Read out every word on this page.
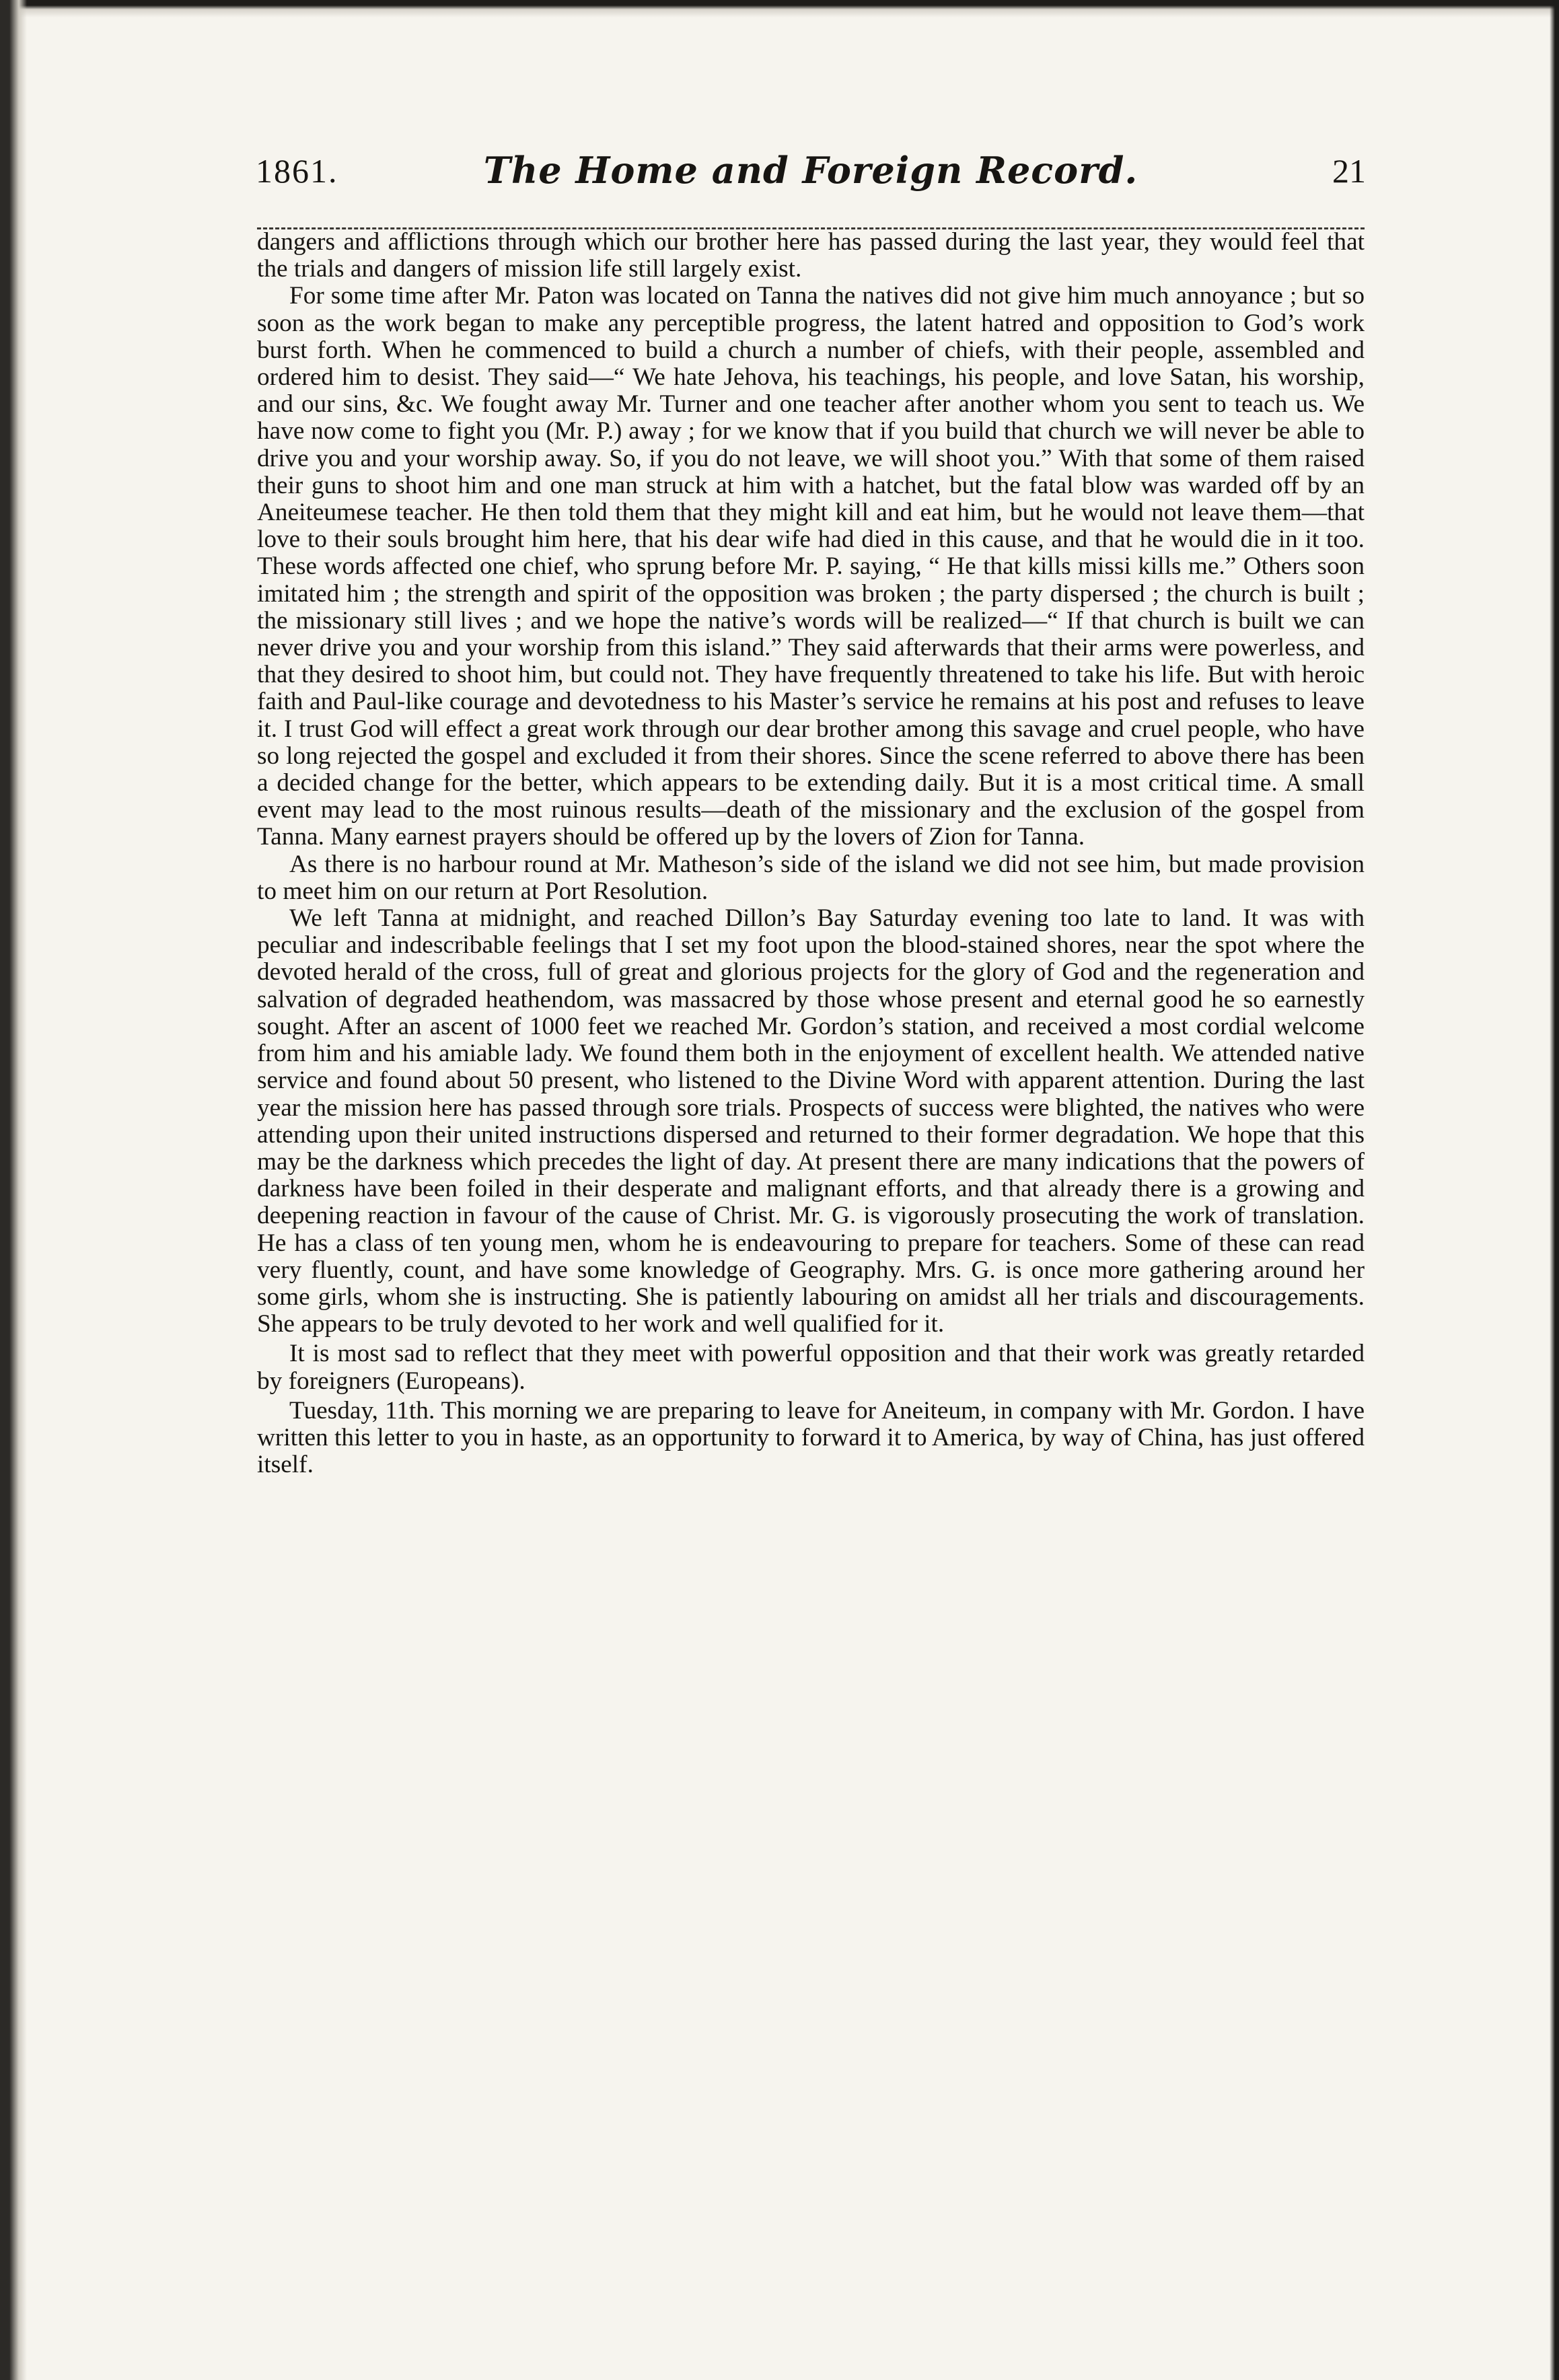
1861.	The Home and Foreign Record.	21

dangers and afflictions through which our brother here has passed during the last year, they would feel that the trials and dangers of mission life still largely exist.

For some time after Mr. Paton was located on Tanna the natives did not give him much annoyance ; but so soon as the work began to make any perceptible progress, the latent hatred and opposition to God’s work burst forth. When he commenced to build a church a number of chiefs, with their people, assembled and ordered him to desist. They said—“ We hate Jehova, his teachings, his people, and love Satan, his worship, and our sins, &c. We fought away Mr. Turner and one teacher after another whom you sent to teach us. We have now come to fight you (Mr. P.) away ; for we know that if you build that church we will never be able to drive you and your worship away. So, if you do not leave, we will shoot you.” With that some of them raised their guns to shoot him and one man struck at him with a hatchet, but the fatal blow was warded off by an Aneiteumese teacher. He then told them that they might kill and eat him, but he would not leave them—that love to their souls brought him here, that his dear wife had died in this cause, and that he would die in it too. These words affected one chief, who sprung before Mr. P. saying, “ He that kills missi kills me.” Others soon imitated him ; the strength and spirit of the opposition was broken ; the party dispersed ; the church is built ; the missionary still lives ; and we hope the native’s words will be realized—“ If that church is built we can never drive you and your worship from this island.” They said afterwards that their arms were powerless, and that they desired to shoot him, but could not. They have frequently threatened to take his life. But with heroic faith and Paul-like courage and devotedness to his Master’s service he remains at his post and refuses to leave it. I trust God will effect a great work through our dear brother among this savage and cruel people, who have so long rejected the gospel and excluded it from their shores. Since the scene referred to above there has been a decided change for the better, which appears to be extending daily. But it is a most critical time. A small event may lead to the most ruinous results—death of the missionary and the exclusion of the gospel from Tanna. Many earnest prayers should be offered up by the lovers of Zion for Tanna.

As there is no harbour round at Mr. Matheson’s side of the island we did not see him, but made provision to meet him on our return at Port Resolution.

We left Tanna at midnight, and reached Dillon’s Bay Saturday evening too late to land. It was with peculiar and indescribable feelings that I set my foot upon the blood-stained shores, near the spot where the devoted herald of the cross, full of great and glorious projects for the glory of God and the regeneration and salvation of degraded heathendom, was massacred by those whose present and eternal good he so earnestly sought. After an ascent of 1000 feet we reached Mr. Gordon’s station, and received a most cordial welcome from him and his amiable lady. We found them both in the enjoyment of excellent health. We attended native service and found about 50 present, who listened to the Divine Word with apparent attention. During the last year the mission here has passed through sore trials. Prospects of success were blighted, the natives who were attending upon their united instructions dispersed and returned to their former degradation. We hope that this may be the darkness which precedes the light of day. At present there are many indications that the powers of darkness have been foiled in their desperate and malignant efforts, and that already there is a growing and deepening reaction in favour of the cause of Christ. Mr. G. is vigorously prosecuting the work of translation. He has a class of ten young men, whom he is endeavouring to prepare for teachers. Some of these can read very fluently, count, and have some knowledge of Geography. Mrs. G. is once more gathering around her some girls, whom she is instructing. She is patiently labouring on amidst all her trials and discouragements. She appears to be truly devoted to her work and well qualified for it.

It is most sad to reflect that they meet with powerful opposition and that their work was greatly retarded by foreigners (Europeans).

Tuesday, 11th. This morning we are preparing to leave for Aneiteum, in company with Mr. Gordon. I have written this letter to you in haste, as an opportunity to forward it to America, by way of China, has just offered itself.
